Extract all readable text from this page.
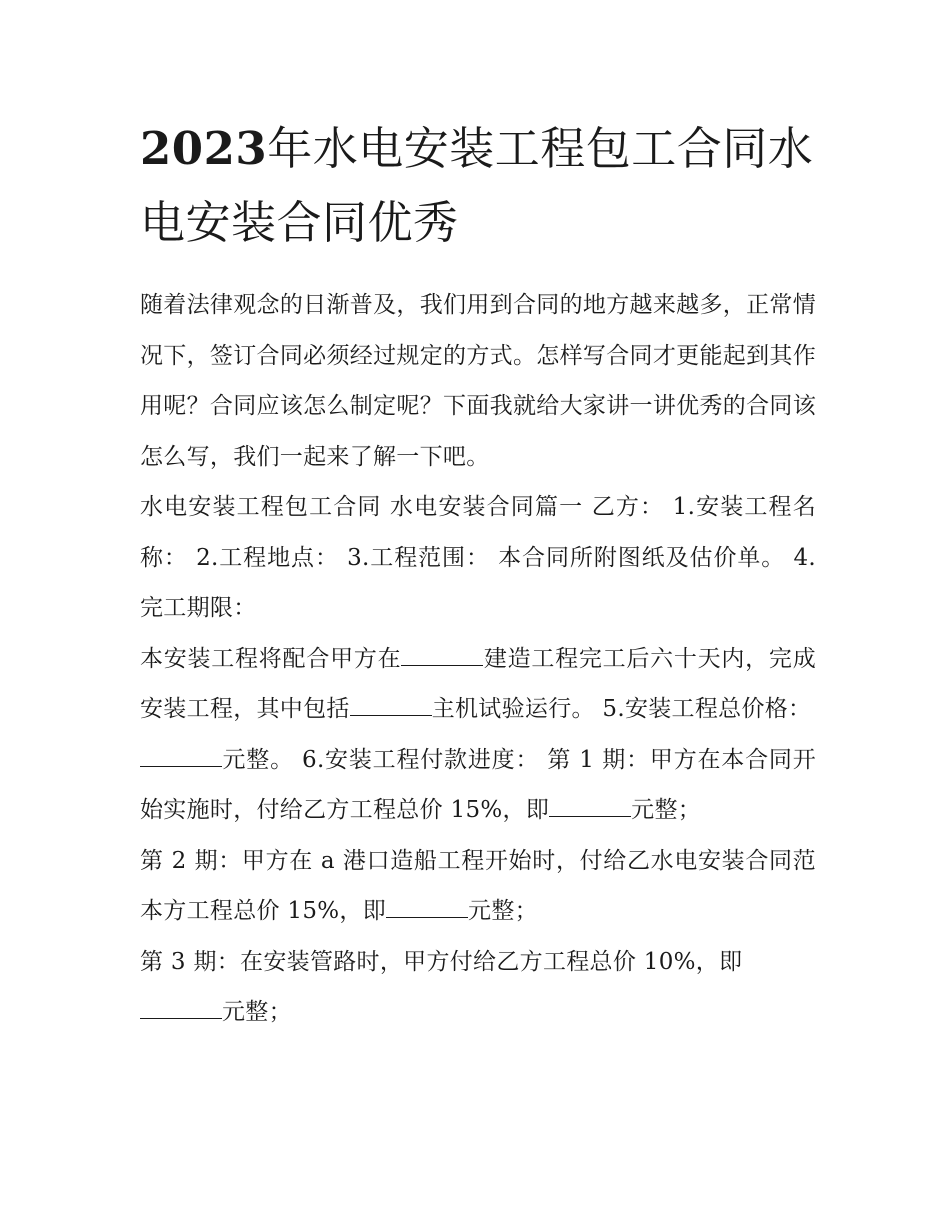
2023年水电安装工程包工合同水电安装合同优秀

随着法律观念的日渐普及，我们用到合同的地方越来越多，正常情况下，签订合同必须经过规定的方式。怎样写合同才更能起到其作用呢？合同应该怎么制定呢？下面我就给大家讲一讲优秀的合同该怎么写，我们一起来了解一下吧。

水电安装工程包工合同 水电安装合同篇一 乙方： 1.安装工程名称： 2.工程地点： 3.工程范围： 本合同所附图纸及估价单。 4.完工期限：

本安装工程将配合甲方在	建造工程完工后六十天内，完成安装工程，其中包括	主机试验运行。 5.安装工程总价格：

元整。 6.安装工程付款进度： 第 1 期：甲方在本合同开始实施时，付给乙方工程总价 15%，即	元整；

第 2 期：甲方在 a 港口造船工程开始时，付给乙水电安装合同范本方工程总价 15%，即	元整；

第 3 期：在安装管路时，甲方付给乙方工程总价 10%，即
元整；
